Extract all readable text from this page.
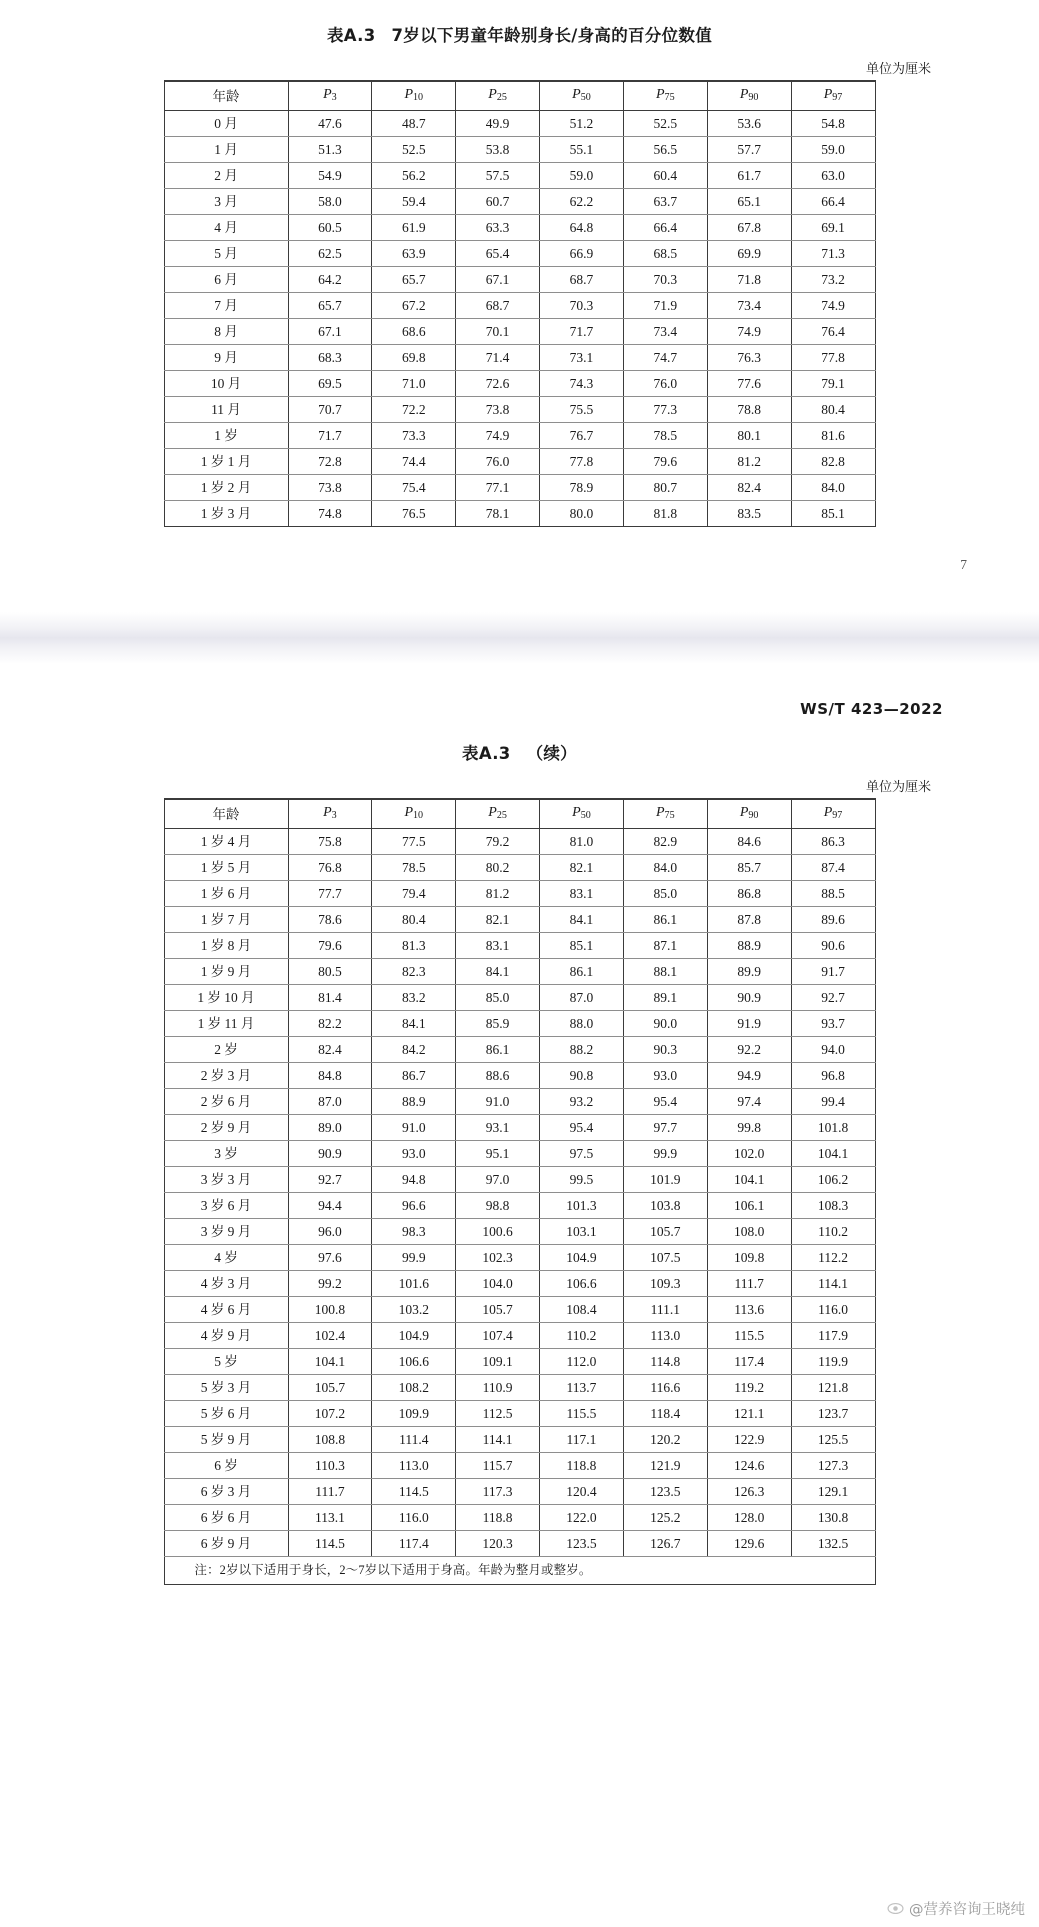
表A.3 7岁以下男童年龄别身长/身高的百分位数值
单位为厘米
年龄	$P_3$	$P_{10}$	$P_{25}$	$P_{50}$	$P_{75}$	$P_{90}$	$P_{97}$
0 月	47.6	48.7	49.9	51.2	52.5	53.6	54.8
1 月	51.3	52.5	53.8	55.1	56.5	57.7	59.0
2 月	54.9	56.2	57.5	59.0	60.4	61.7	63.0
3 月	58.0	59.4	60.7	62.2	63.7	65.1	66.4
4 月	60.5	61.9	63.3	64.8	66.4	67.8	69.1
5 月	62.5	63.9	65.4	66.9	68.5	69.9	71.3
6 月	64.2	65.7	67.1	68.7	70.3	71.8	73.2
7 月	65.7	67.2	68.7	70.3	71.9	73.4	74.9
8 月	67.1	68.6	70.1	71.7	73.4	74.9	76.4
9 月	68.3	69.8	71.4	73.1	74.7	76.3	77.8
10 月	69.5	71.0	72.6	74.3	76.0	77.6	79.1
11 月	70.7	72.2	73.8	75.5	77.3	78.8	80.4
1 岁	71.7	73.3	74.9	76.7	78.5	80.1	81.6
1 岁 1 月	72.8	74.4	76.0	77.8	79.6	81.2	82.8
1 岁 2 月	73.8	75.4	77.1	78.9	80.7	82.4	84.0
1 岁 3 月	74.8	76.5	78.1	80.0	81.8	83.5	85.1
7
WS/T 423—2022
表A.3 （续）
单位为厘米
年龄	$P_3$	$P_{10}$	$P_{25}$	$P_{50}$	$P_{75}$	$P_{90}$	$P_{97}$
1 岁 4 月	75.8	77.5	79.2	81.0	82.9	84.6	86.3
1 岁 5 月	76.8	78.5	80.2	82.1	84.0	85.7	87.4
1 岁 6 月	77.7	79.4	81.2	83.1	85.0	86.8	88.5
1 岁 7 月	78.6	80.4	82.1	84.1	86.1	87.8	89.6
1 岁 8 月	79.6	81.3	83.1	85.1	87.1	88.9	90.6
1 岁 9 月	80.5	82.3	84.1	86.1	88.1	89.9	91.7
1 岁 10 月	81.4	83.2	85.0	87.0	89.1	90.9	92.7
1 岁 11 月	82.2	84.1	85.9	88.0	90.0	91.9	93.7
2 岁	82.4	84.2	86.1	88.2	90.3	92.2	94.0
2 岁 3 月	84.8	86.7	88.6	90.8	93.0	94.9	96.8
2 岁 6 月	87.0	88.9	91.0	93.2	95.4	97.4	99.4
2 岁 9 月	89.0	91.0	93.1	95.4	97.7	99.8	101.8
3 岁	90.9	93.0	95.1	97.5	99.9	102.0	104.1
3 岁 3 月	92.7	94.8	97.0	99.5	101.9	104.1	106.2
3 岁 6 月	94.4	96.6	98.8	101.3	103.8	106.1	108.3
3 岁 9 月	96.0	98.3	100.6	103.1	105.7	108.0	110.2
4 岁	97.6	99.9	102.3	104.9	107.5	109.8	112.2
4 岁 3 月	99.2	101.6	104.0	106.6	109.3	111.7	114.1
4 岁 6 月	100.8	103.2	105.7	108.4	111.1	113.6	116.0
4 岁 9 月	102.4	104.9	107.4	110.2	113.0	115.5	117.9
5 岁	104.1	106.6	109.1	112.0	114.8	117.4	119.9
5 岁 3 月	105.7	108.2	110.9	113.7	116.6	119.2	121.8
5 岁 6 月	107.2	109.9	112.5	115.5	118.4	121.1	123.7
5 岁 9 月	108.8	111.4	114.1	117.1	120.2	122.9	125.5
6 岁	110.3	113.0	115.7	118.8	121.9	124.6	127.3
6 岁 3 月	111.7	114.5	117.3	120.4	123.5	126.3	129.1
6 岁 6 月	113.1	116.0	118.8	122.0	125.2	128.0	130.8
6 岁 9 月	114.5	117.4	120.3	123.5	126.7	129.6	132.5
注：2岁以下适用于身长，2～7岁以下适用于身高。年龄为整月或整岁。							
@营养咨询王晓纯
